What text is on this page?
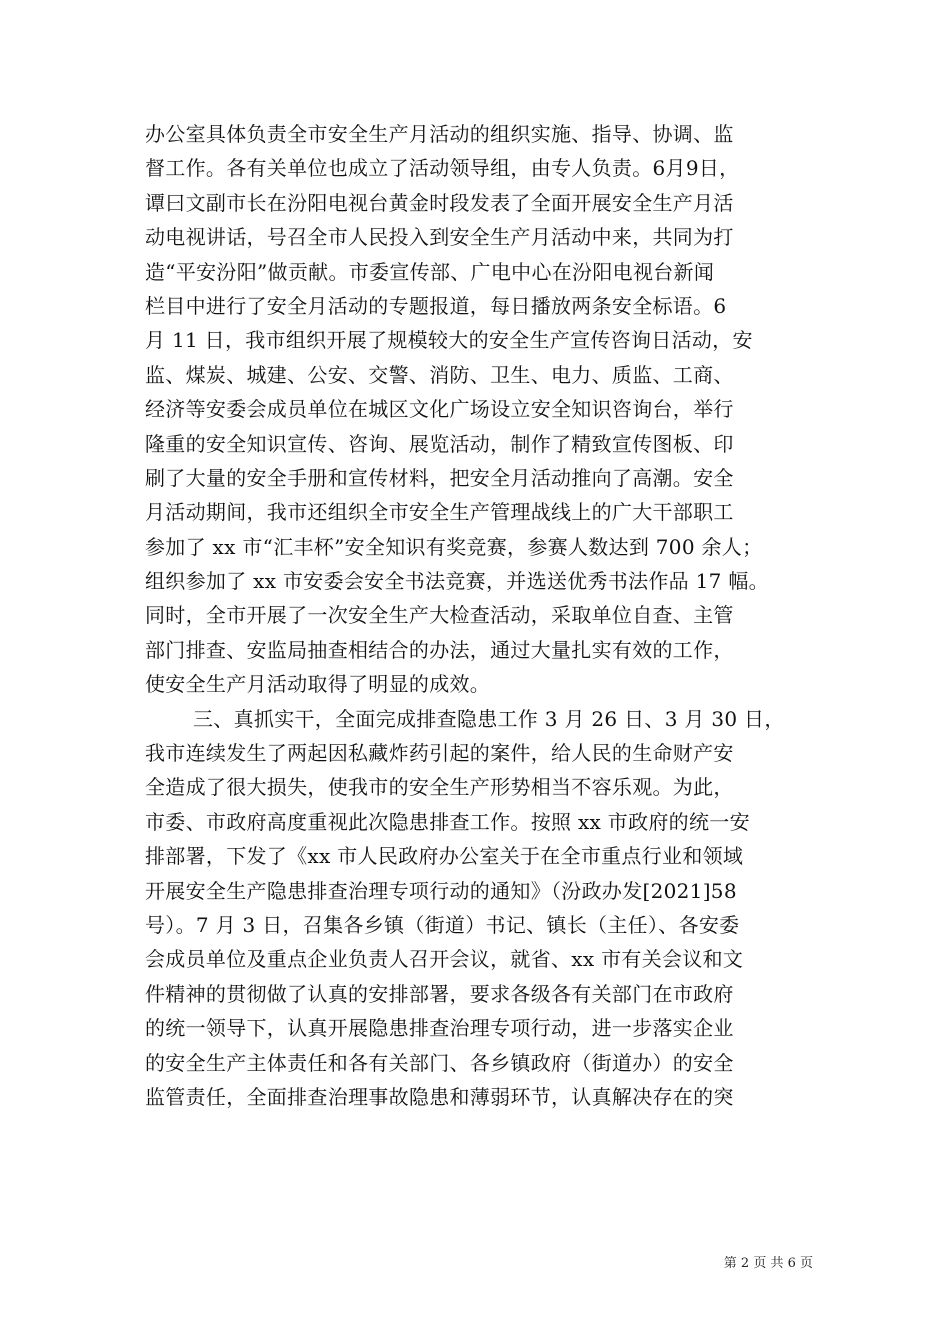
办公室具体负责全市安全生产月活动的组织实施、指导、协调、监
督工作。各有关单位也成立了活动领导组，由专人负责。6月9日，
谭曰文副市长在汾阳电视台黄金时段发表了全面开展安全生产月活
动电视讲话，号召全市人民投入到安全生产月活动中来，共同为打
造“平安汾阳”做贡献。市委宣传部、广电中心在汾阳电视台新闻
栏目中进行了安全月活动的专题报道，每日播放两条安全标语。6
月 11 日，我市组织开展了规模较大的安全生产宣传咨询日活动，安
监、煤炭、城建、公安、交警、消防、卫生、电力、质监、工商、
经济等安委会成员单位在城区文化广场设立安全知识咨询台，举行
隆重的安全知识宣传、咨询、展览活动，制作了精致宣传图板、印
刷了大量的安全手册和宣传材料，把安全月活动推向了高潮。安全
月活动期间，我市还组织全市安全生产管理战线上的广大干部职工
参加了 xx 市“汇丰杯”安全知识有奖竞赛，参赛人数达到 700 余人；
组织参加了 xx 市安委会安全书法竞赛，并选送优秀书法作品 17 幅。
同时，全市开展了一次安全生产大检查活动，采取单位自查、主管
部门排查、安监局抽查相结合的办法，通过大量扎实有效的工作，
使安全生产月活动取得了明显的成效。
三、真抓实干，全面完成排查隐患工作 3 月 26 日、3 月 30 日，
我市连续发生了两起因私藏炸药引起的案件，给人民的生命财产安
全造成了很大损失，使我市的安全生产形势相当不容乐观。为此，
市委、市政府高度重视此次隐患排查工作。按照 xx 市政府的统一安
排部署，下发了《xx 市人民政府办公室关于在全市重点行业和领域
开展安全生产隐患排查治理专项行动的通知》（汾政办发[2021]58
号）。7 月 3 日，召集各乡镇（街道）书记、镇长（主任）、各安委
会成员单位及重点企业负责人召开会议，就省、xx 市有关会议和文
件精神的贯彻做了认真的安排部署，要求各级各有关部门在市政府
的统一领导下，认真开展隐患排查治理专项行动，进一步落实企业
的安全生产主体责任和各有关部门、各乡镇政府（街道办）的安全
监管责任，全面排查治理事故隐患和薄弱环节，认真解决存在的突
第 2 页 共 6 页
